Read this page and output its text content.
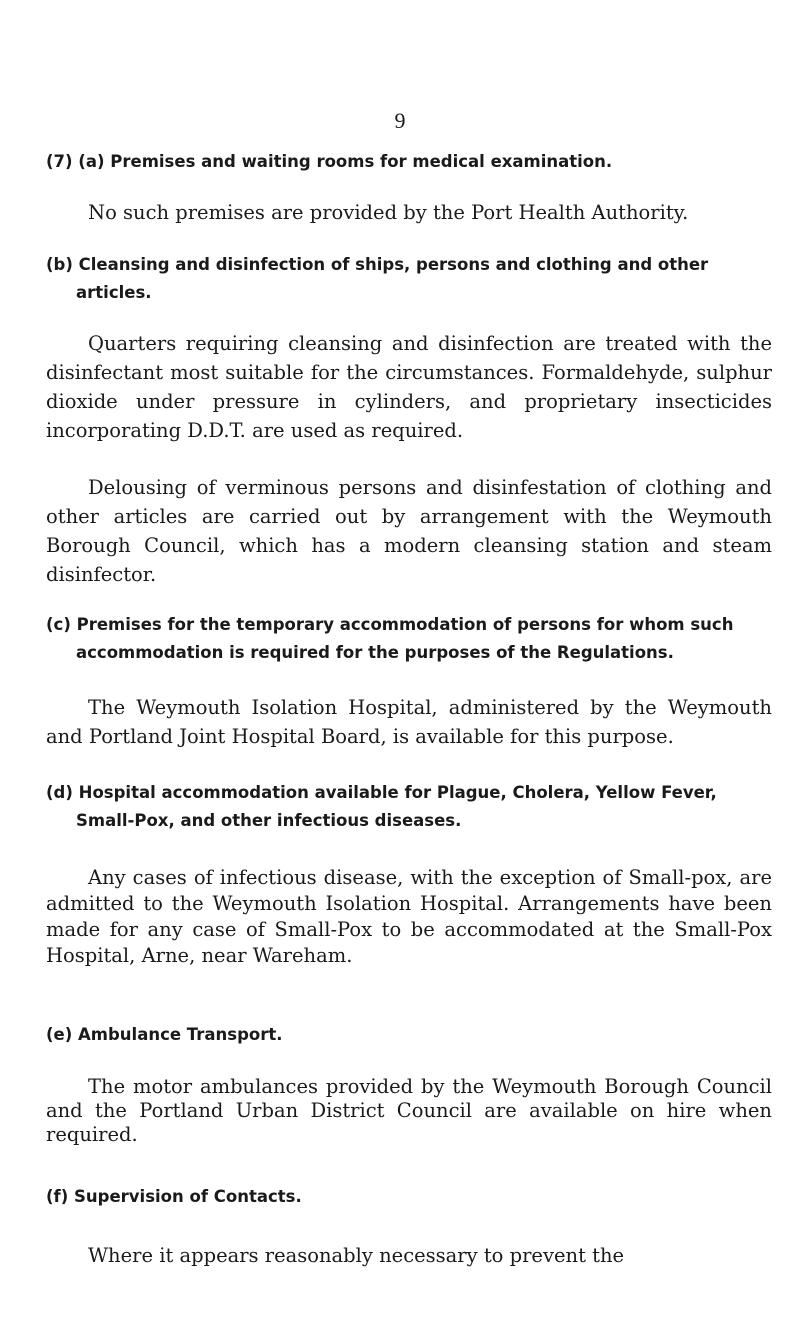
9

(7) (a) Premises and waiting rooms for medical examination.

No such premises are provided by the Port Health Authority.

(b) Cleansing and disinfection of ships, persons and clothing and other articles.

Quarters requiring cleansing and disinfection are treated with the disinfectant most suitable for the circumstances. Formaldehyde, sulphur dioxide under pressure in cylinders, and proprietary insecticides incorporating D.D.T. are used as required.

Delousing of verminous persons and disinfestation of clothing and other articles are carried out by arrangement with the Weymouth Borough Council, which has a modern cleansing station and steam disinfector.

(c) Premises for the temporary accommodation of persons for whom such accommodation is required for the purposes of the Regulations.

The Weymouth Isolation Hospital, administered by the Weymouth and Portland Joint Hospital Board, is available for this purpose.

(d) Hospital accommodation available for Plague, Cholera, Yellow Fever, Small-Pox, and other infectious diseases.

Any cases of infectious disease, with the exception of Small-pox, are admitted to the Weymouth Isolation Hospital. Arrangements have been made for any case of Small-Pox to be accommodated at the Small-Pox Hospital, Arne, near Wareham.

(e) Ambulance Transport.

The motor ambulances provided by the Weymouth Borough Council and the Portland Urban District Council are available on hire when required.

(f) Supervision of Contacts.

Where it appears reasonably necessary to prevent the
